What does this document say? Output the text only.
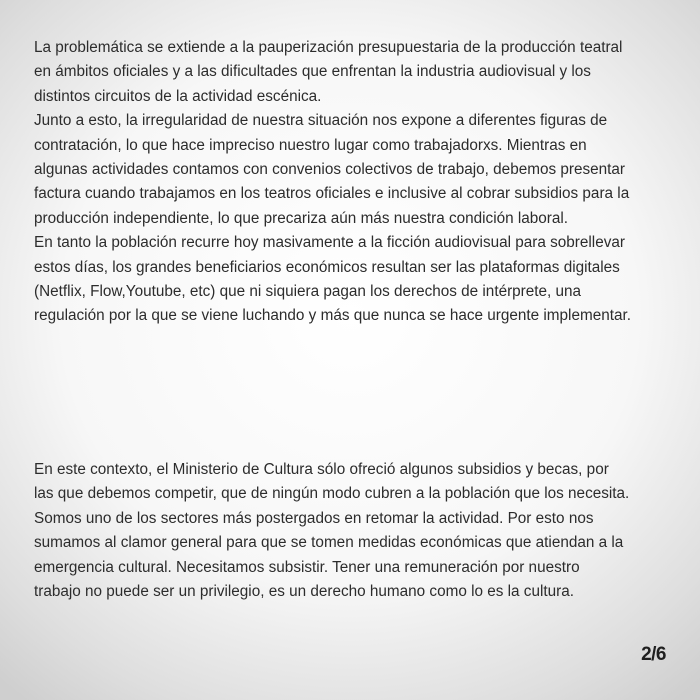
La problemática se extiende a la pauperización presupuestaria de la producción teatral
en ámbitos oficiales y a las dificultades que enfrentan la industria audiovisual y los
distintos circuitos de la actividad escénica.
Junto a esto, la irregularidad de nuestra situación nos expone a diferentes figuras de
contratación, lo que hace impreciso nuestro lugar como trabajadorxs. Mientras en
algunas actividades contamos con convenios colectivos de trabajo, debemos presentar
factura cuando trabajamos en los teatros oficiales e inclusive al cobrar subsidios para la
producción independiente, lo que precariza aún más nuestra condición laboral.
En tanto la población recurre hoy masivamente a la ficción audiovisual para sobrellevar
estos días, los grandes beneficiarios económicos resultan ser las plataformas digitales
(Netflix, Flow,Youtube, etc) que ni siquiera pagan los derechos de intérprete, una
regulación por la que se viene luchando y más que nunca se hace urgente implementar.

En este contexto, el Ministerio de Cultura sólo ofreció algunos subsidios y becas, por
las que debemos competir, que de ningún modo cubren a la población que los necesita.
Somos uno de los sectores más postergados en retomar la actividad. Por esto nos
sumamos al clamor general para que se tomen medidas económicas que atiendan a la
emergencia cultural. Necesitamos subsistir. Tener una remuneración por nuestro
trabajo no puede ser un privilegio, es un derecho humano como lo es la cultura.

2/6
